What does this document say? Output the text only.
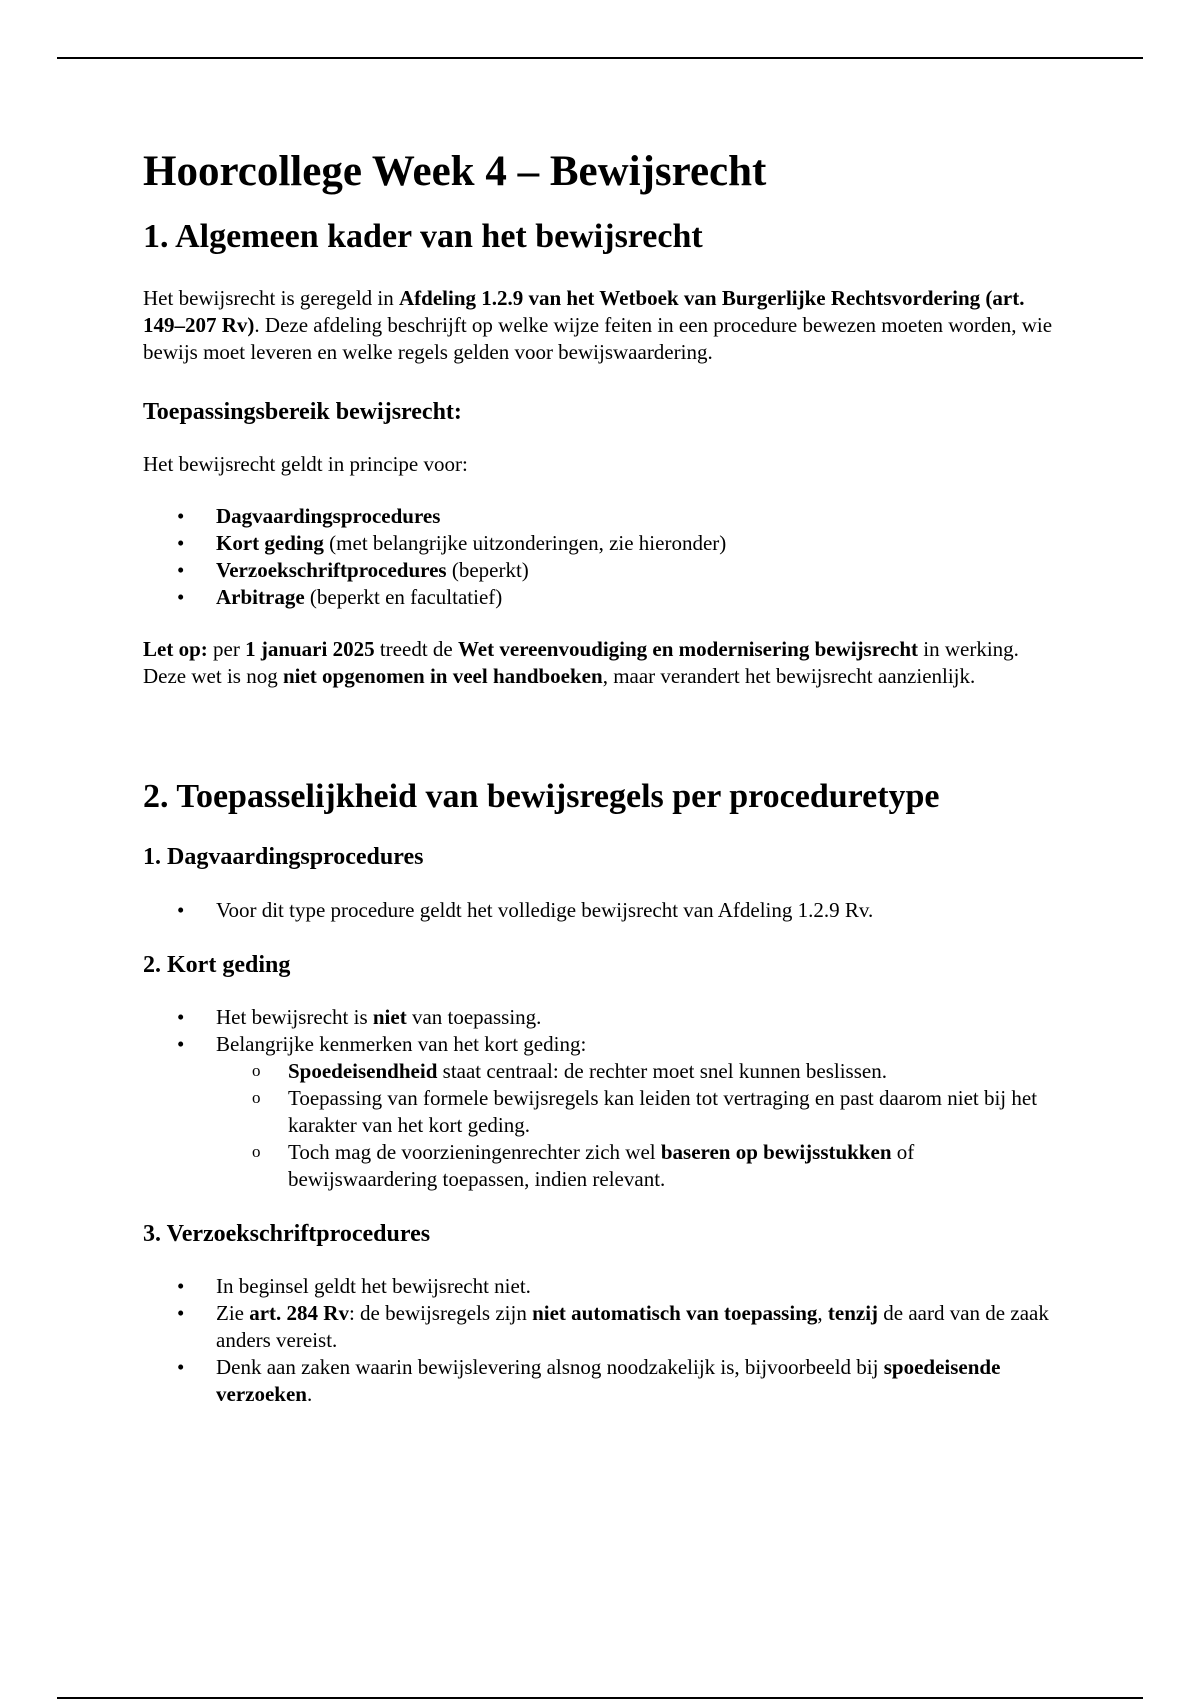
Hoorcollege Week 4 – Bewijsrecht
1. Algemeen kader van het bewijsrecht

Het bewijsrecht is geregeld in Afdeling 1.2.9 van het Wetboek van Burgerlijke Rechtsvordering (art. 149–207 Rv). Deze afdeling beschrijft op welke wijze feiten in een procedure bewezen moeten worden, wie bewijs moet leveren en welke regels gelden voor bewijswaardering.

Toepassingsbereik bewijsrecht:

Het bewijsrecht geldt in principe voor:

• Dagvaardingsprocedures
• Kort geding (met belangrijke uitzonderingen, zie hieronder)
• Verzoekschriftprocedures (beperkt)
• Arbitrage (beperkt en facultatief)

Let op: per 1 januari 2025 treedt de Wet vereenvoudiging en modernisering bewijsrecht in werking. Deze wet is nog niet opgenomen in veel handboeken, maar verandert het bewijsrecht aanzienlijk.

2. Toepasselijkheid van bewijsregels per proceduretype
1. Dagvaardingsprocedures
• Voor dit type procedure geldt het volledige bewijsrecht van Afdeling 1.2.9 Rv.
2. Kort geding
• Het bewijsrecht is niet van toepassing.
• Belangrijke kenmerken van het kort geding:
o Spoedeisendheid staat centraal: de rechter moet snel kunnen beslissen.
o Toepassing van formele bewijsregels kan leiden tot vertraging en past daarom niet bij het karakter van het kort geding.
o Toch mag de voorzieningenrechter zich wel baseren op bewijsstukken of bewijswaardering toepassen, indien relevant.
3. Verzoekschriftprocedures
• In beginsel geldt het bewijsrecht niet.
• Zie art. 284 Rv: de bewijsregels zijn niet automatisch van toepassing, tenzij de aard van de zaak anders vereist.
• Denk aan zaken waarin bewijslevering alsnog noodzakelijk is, bijvoorbeeld bij spoedeisende verzoeken.
